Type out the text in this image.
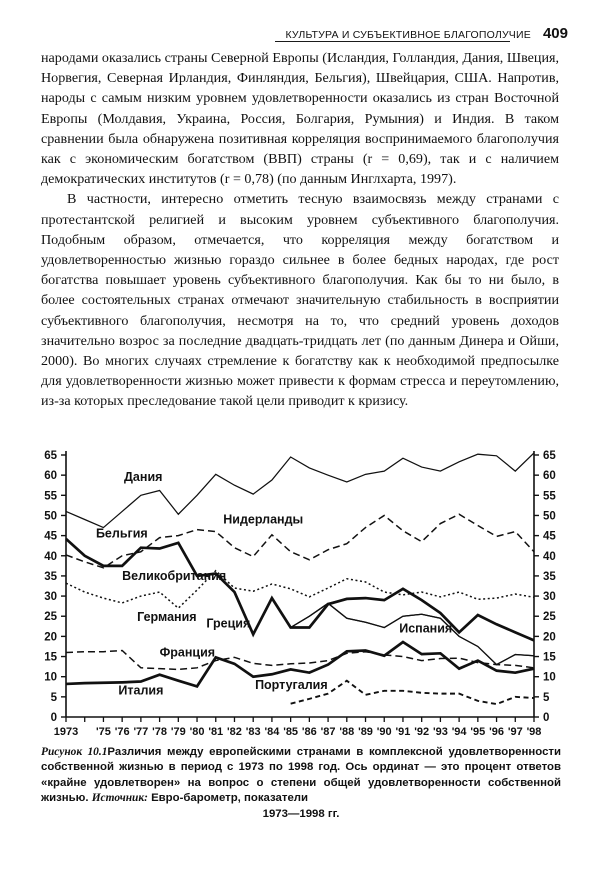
КУЛЬТУРА И СУБЪЕКТИВНОЕ БЛАГОПОЛУЧИЕ 409

народами оказались страны Северной Европы (Исландия, Голландия, Дания, Швеция, Норвегия, Северная Ирландия, Финляндия, Бельгия), Швейцария, США. Напротив, народы с самым низким уровнем удовлетворенности оказались из стран Восточной Европы (Молдавия, Украина, Россия, Болгария, Румыния) и Индия. В таком сравнении была обнаружена позитивная корреляция воспринимаемого благополучия как с экономическим богатством (ВВП) страны (r = 0,69), так и с наличием демократических институтов (r = 0,78) (по данным Инглхарта, 1997).

В частности, интересно отметить тесную взаимосвязь между странами с протестантской религией и высоким уровнем субъективного благополучия. Подобным образом, отмечается, что корреляция между богатством и удовлетворенностью жизнью гораздо сильнее в более бедных народах, где рост богатства повышает уровень субъективного благополучия. Как бы то ни было, в более состоятельных странах отмечают значительную стабильность в восприятии субъективного благополучия, несмотря на то, что средний уровень доходов значительно возрос за последние двадцать-тридцать лет (по данным Динера и Ойши, 2000). Во многих случаях стремление к богатству как к необходимой предпосылке для удовлетворенности жизнью может привести к формам стресса и переутомлению, из-за которых преследование такой цели приводит к кризису.

0	0
5	5
10	10
15	15
20	20
25	25
30	30
35	35
40	40
45	45
50	50
55	55
60	60
65	65
1973 '75 '76 '77 '78 '79 '80 '81 '82 '83 '84 '85 '86 '87 '88 '89 '90 '91 '92 '93 '94 '95 '96 '97 '98
Дания
Нидерланды
Бельгия
Великобритания
Германия Греция
Франция
Италия
Испания
Португалия
Рисунок 10.1Различия между европейскими странами в комплексной удовлетворенности собственной жизнью в период с 1973 по 1998 год. Ось ординат — это процент ответов «крайне удовлетворен» на вопрос о степени общей удовлетворенности собственной жизнью. Источник: Евро-барометр, показатели
1973—1998 гг.
